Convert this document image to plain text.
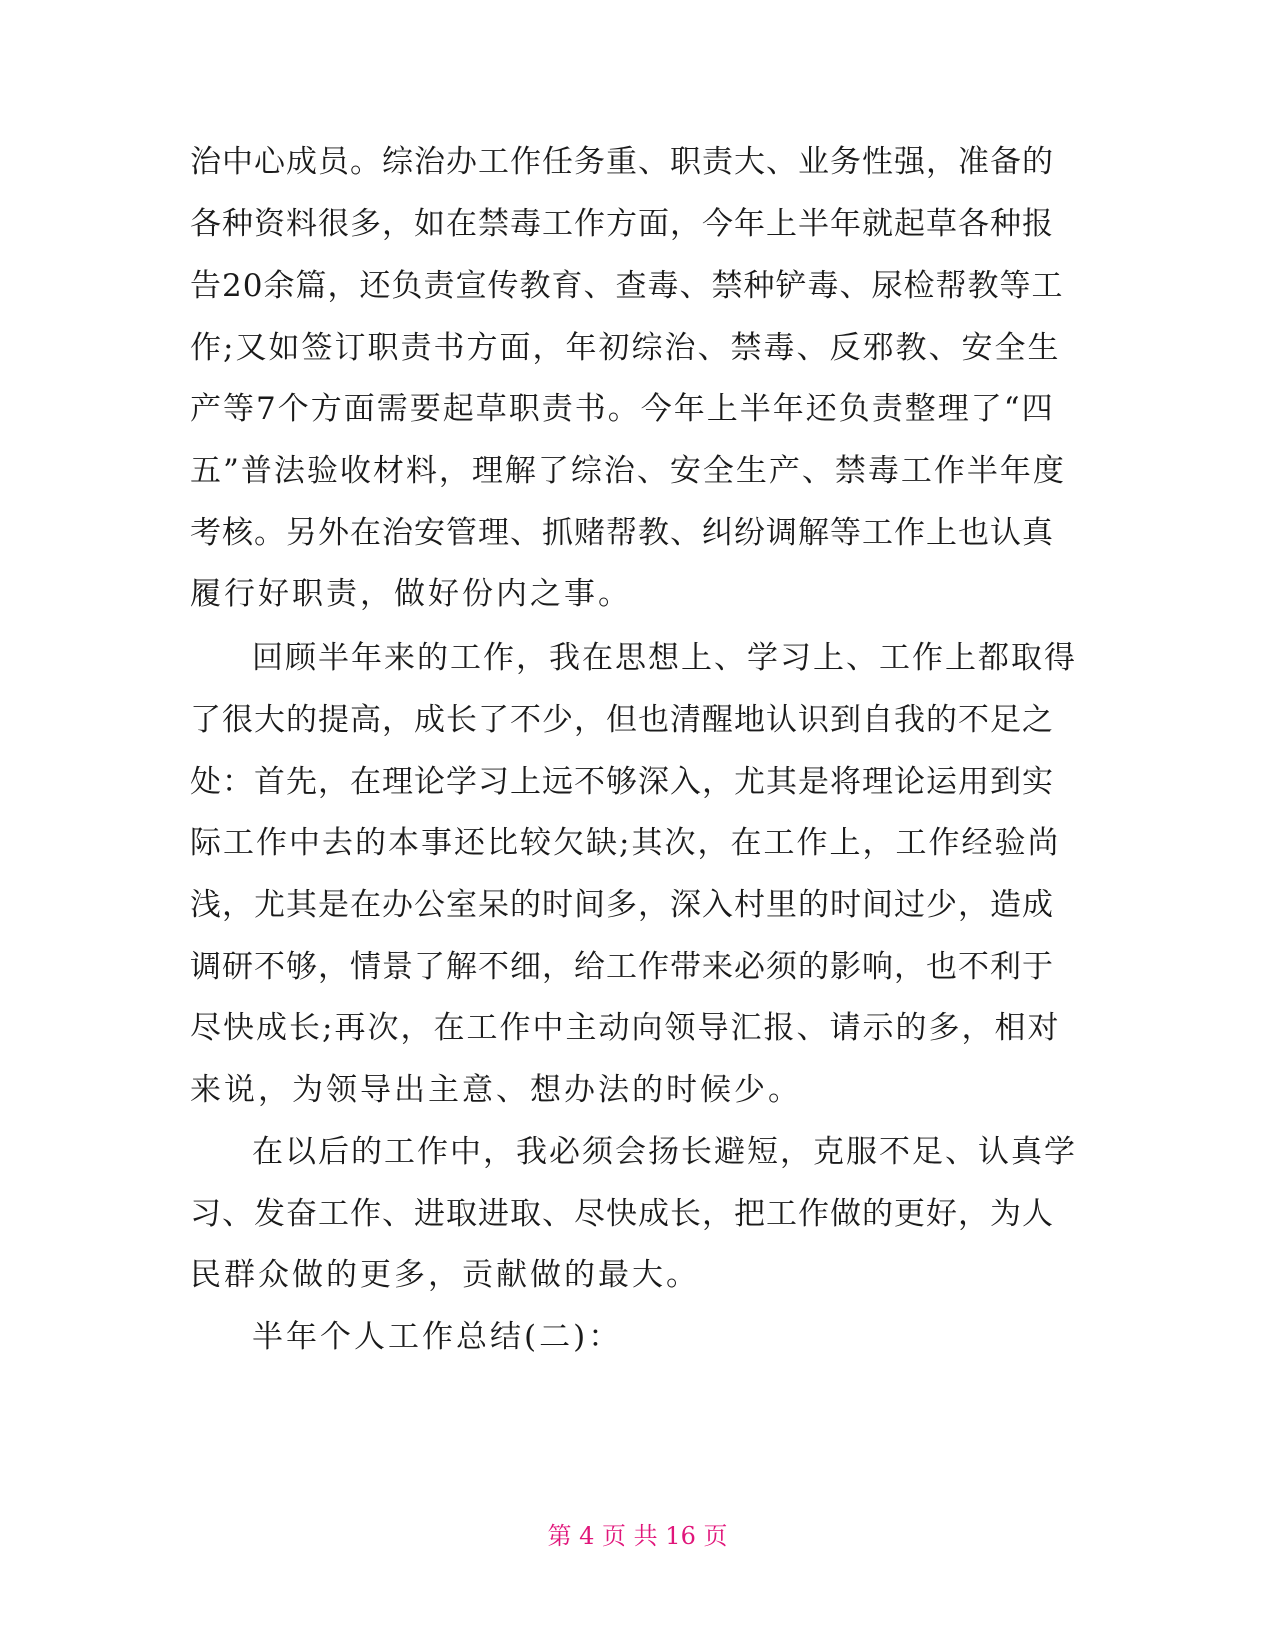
治中心成员。综治办工作任务重、职责大、业务性强，准备的
各种资料很多，如在禁毒工作方面，今年上半年就起草各种报
告20余篇，还负责宣传教育、查毒、禁种铲毒、尿检帮教等工
作;又如签订职责书方面，年初综治、禁毒、反邪教、安全生
产等7个方面需要起草职责书。今年上半年还负责整理了“四
五”普法验收材料，理解了综治、安全生产、禁毒工作半年度
考核。另外在治安管理、抓赌帮教、纠纷调解等工作上也认真
履行好职责，做好份内之事。
回顾半年来的工作，我在思想上、学习上、工作上都取得
了很大的提高，成长了不少，但也清醒地认识到自我的不足之
处：首先，在理论学习上远不够深入，尤其是将理论运用到实
际工作中去的本事还比较欠缺;其次，在工作上，工作经验尚
浅，尤其是在办公室呆的时间多，深入村里的时间过少，造成
调研不够，情景了解不细，给工作带来必须的影响，也不利于
尽快成长;再次，在工作中主动向领导汇报、请示的多，相对
来说，为领导出主意、想办法的时候少。
在以后的工作中，我必须会扬长避短，克服不足、认真学
习、发奋工作、进取进取、尽快成长，把工作做的更好，为人
民群众做的更多，贡献做的最大。
半年个人工作总结(二)：
第 4 页 共 16 页
